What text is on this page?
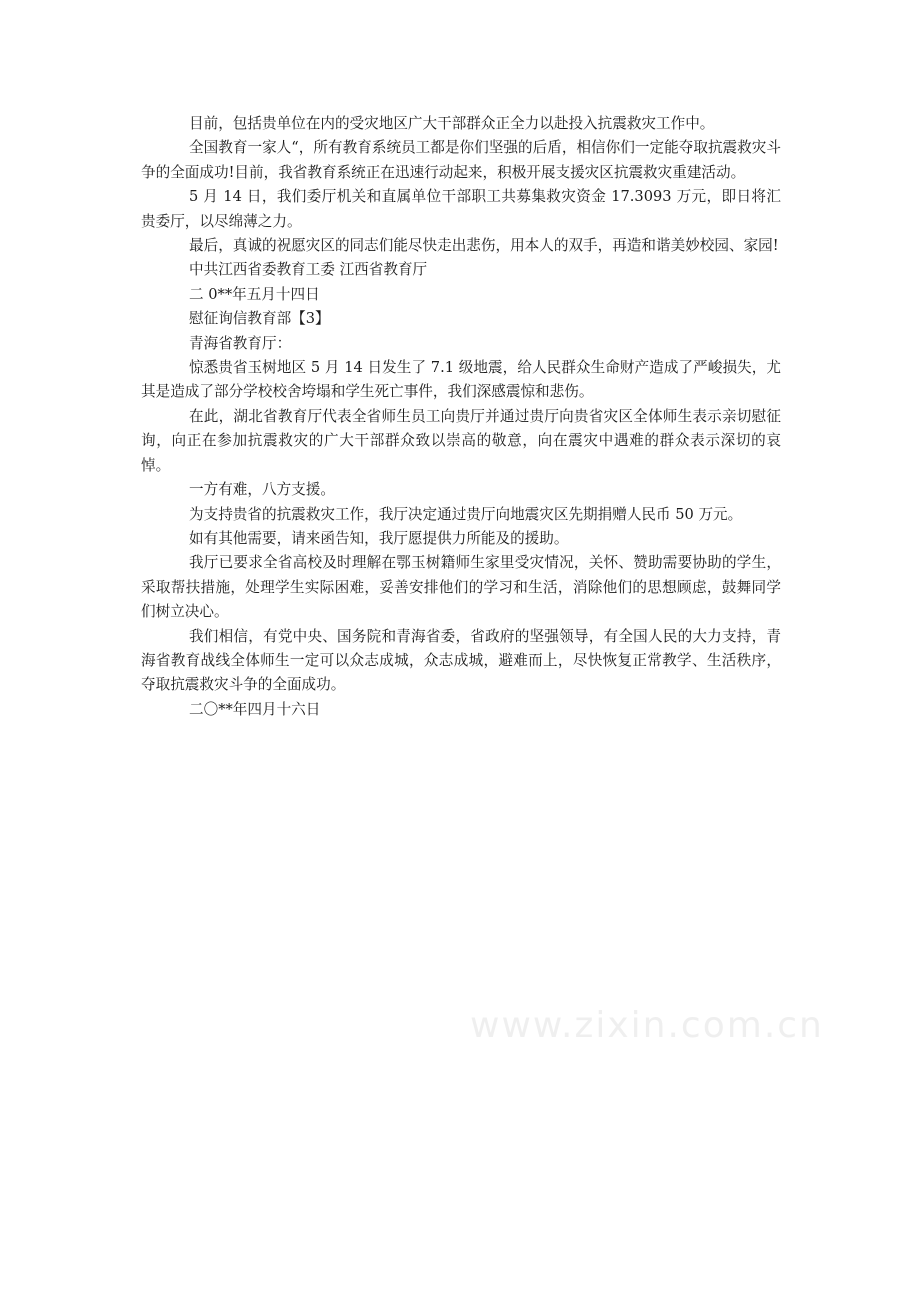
目前，包括贵单位在内的受灾地区广大干部群众正全力以赴投入抗震救灾工作中。

全国教育一家人“，所有教育系统员工都是你们坚强的后盾，相信你们一定能夺取抗震救灾斗争的全面成功!目前，我省教育系统正在迅速行动起来，积极开展支援灾区抗震救灾重建活动。

5 月 14 日，我们委厅机关和直属单位干部职工共募集救灾资金 17.3093 万元，即日将汇贵委厅，以尽绵薄之力。

最后，真诚的祝愿灾区的同志们能尽快走出悲伤，用本人的双手，再造和谐美妙校园、家园!

中共江西省委教育工委 江西省教育厅

二 0**年五月十四日

慰征询信教育部【3】

青海省教育厅：

惊悉贵省玉树地区 5 月 14 日发生了 7.1 级地震，给人民群众生命财产造成了严峻损失，尤其是造成了部分学校校舍垮塌和学生死亡事件，我们深感震惊和悲伤。

在此，湖北省教育厅代表全省师生员工向贵厅并通过贵厅向贵省灾区全体师生表示亲切慰征询，向正在参加抗震救灾的广大干部群众致以崇高的敬意，向在震灾中遇难的群众表示深切的哀悼。

一方有难，八方支援。

为支持贵省的抗震救灾工作，我厅决定通过贵厅向地震灾区先期捐赠人民币 50 万元。

如有其他需要，请来函告知，我厅愿提供力所能及的援助。

我厅已要求全省高校及时理解在鄂玉树籍师生家里受灾情况，关怀、赞助需要协助的学生，采取帮扶措施，处理学生实际困难，妥善安排他们的学习和生活，消除他们的思想顾虑，鼓舞同学们树立决心。

我们相信，有党中央、国务院和青海省委，省政府的坚强领导，有全国人民的大力支持，青海省教育战线全体师生一定可以众志成城，众志成城，避难而上，尽快恢复正常教学、生活秩序，夺取抗震救灾斗争的全面成功。

二〇**年四月十六日

www.zixin.com.cn
